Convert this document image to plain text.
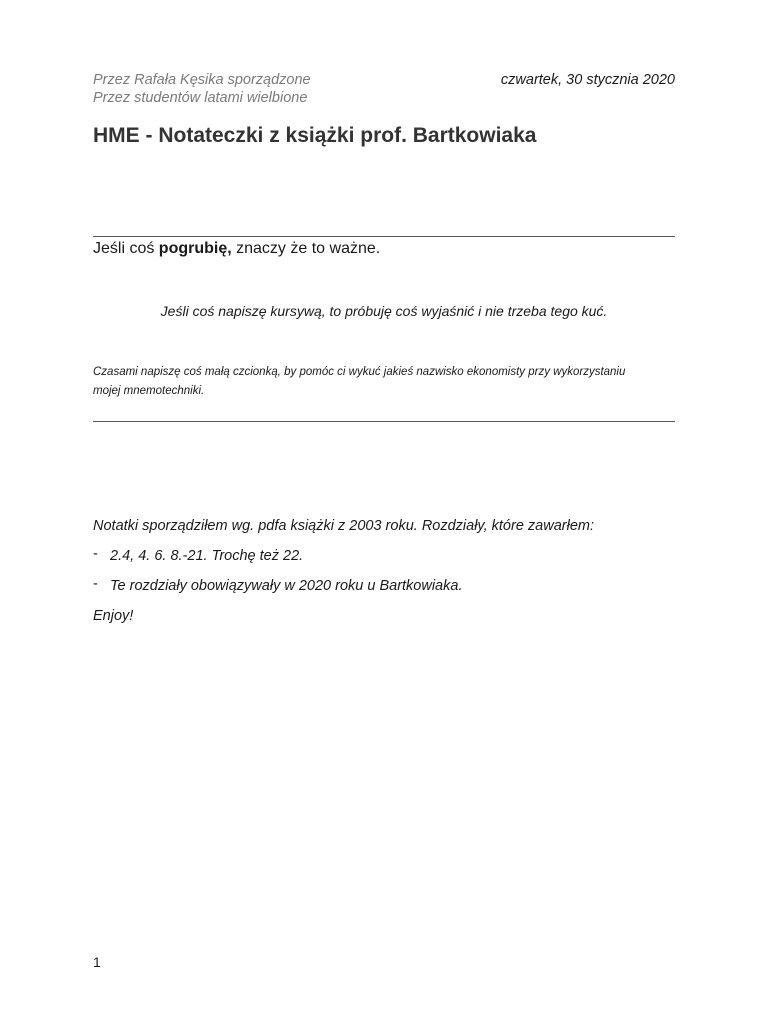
Przez Rafała Kęsika sporządzone
Przez studentów latami wielbione
czwartek, 30 stycznia 2020
HME - Notateczki z książki prof. Bartkowiaka
Jeśli coś pogrubię, znaczy że to ważne.
Jeśli coś napiszę kursywą, to próbuję coś wyjaśnić i nie trzeba tego kuć.
Czasami napiszę coś małą czcionką, by pomóc ci wykuć jakieś nazwisko ekonomisty przy wykorzystaniu mojej mnemotechniki.

Notatki sporządziłem wg. pdfa książki z 2003 roku. Rozdziały, które zawarłem:

- 2.4, 4. 6. 8.-21. Trochę też 22.

- Te rozdziały obowiązywały w 2020 roku u Bartkowiaka.

Enjoy!

1
